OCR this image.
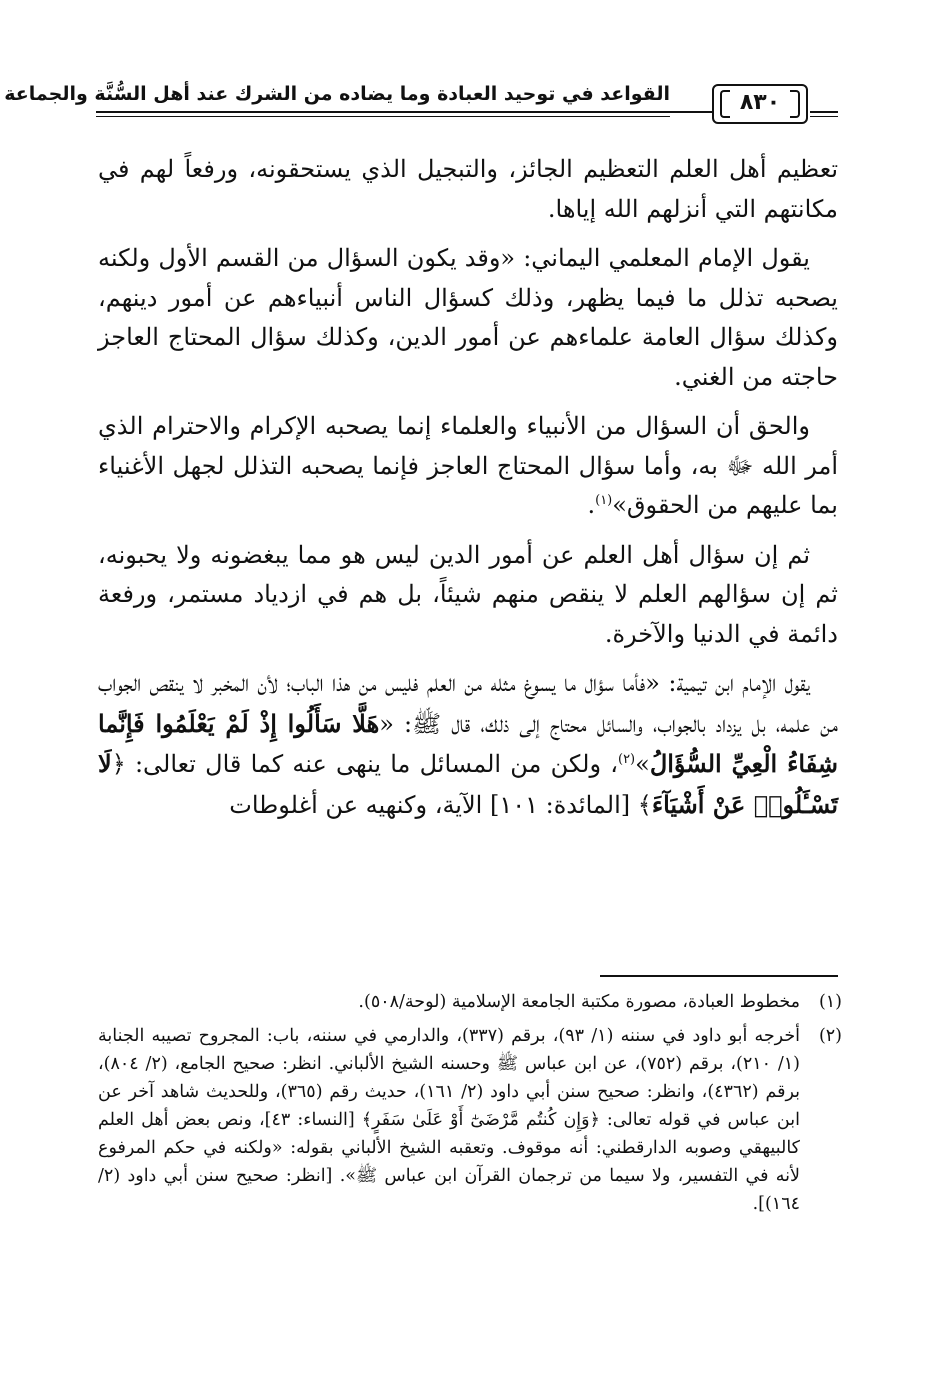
القواعد في توحيد العبادة وما يضاده من الشرك عند أهل السُّنَّة والجماعة	٨٣٠

تعظيم أهل العلم التعظيم الجائز، والتبجيل الذي يستحقونه، ورفعاً لهم في مكانتهم التي أنزلهم الله إياها.

يقول الإمام المعلمي اليماني: «وقد يكون السؤال من القسم الأول ولكنه يصحبه تذلل ما فيما يظهر، وذلك كسؤال الناس أنبياءهم عن أمور دينهم، وكذلك سؤال العامة علماءهم عن أمور الدين، وكذلك سؤال المحتاج العاجز حاجته من الغني.

والحق أن السؤال من الأنبياء والعلماء إنما يصحبه الإكرام والاحترام الذي أمر الله ﷻ به، وأما سؤال المحتاج العاجز فإنما يصحبه التذلل لجهل الأغنياء بما عليهم من الحقوق»$^{(١)}$.

ثم إن سؤال أهل العلم عن أمور الدين ليس هو مما يبغضونه ولا يحبونه، ثم إن سؤالهم العلم لا ينقص منهم شيئاً، بل هم في ازدياد مستمر، ورفعة دائمة في الدنيا والآخرة.

يقول الإمام ابن تيمية: «فأما سؤال ما يسوغ مثله من العلم فليس من هذا الباب؛ لأن المخبر لا ينقص الجواب من علمه، بل يزداد بالجواب، والسائل محتاج إلى ذلك، قال ﷺ: «هَلَّا سَأَلُوا إِذْ لَمْ يَعْلَمُوا فَإِنَّما شِفَاءُ الْعِيِّ السُّؤَالُ»$^{(٢)}$، ولكن من المسائل ما ينهى عنه كما قال تعالى: ﴿لَا تَسْـَٔلُوا۟ عَنْ أَشْيَآءَ﴾ [المائدة: ١٠١] الآية، وكنهيه عن أغلوطات

(١)
مخطوط العبادة، مصورة مكتبة الجامعة الإسلامية (لوحة/٥٠٨).
(٢)
أخرجه أبو داود في سننه (١/ ٩٣)، برقم (٣٣٧)، والدارمي في سننه، باب: المجروح تصيبه الجنابة (١/ ٢١٠)، برقم (٧٥٢)، عن ابن عباس ﷺ وحسنه الشيخ الألباني. انظر: صحيح الجامع، (٢/ ٨٠٤)، برقم (٤٣٦٢)، وانظر: صحيح سنن أبي داود (٢/ ١٦١)، حديث رقم (٣٦٥)، وللحديث شاهد آخر عن ابن عباس في قوله تعالى: ﴿وَإِن كُنتُم مَّرْضَىٰٓ أَوْ عَلَىٰ سَفَرٍ﴾ [النساء: ٤٣]، ونص بعض أهل العلم كالبيهقي وصوبه الدارقطني: أنه موقوف. وتعقبه الشيخ الألباني بقوله: «ولكنه في حكم المرفوع لأنه في التفسير، ولا سيما من ترجمان القرآن ابن عباس ﷺ». [انظر: صحيح سنن أبي داود (٢/ ١٦٤)].
